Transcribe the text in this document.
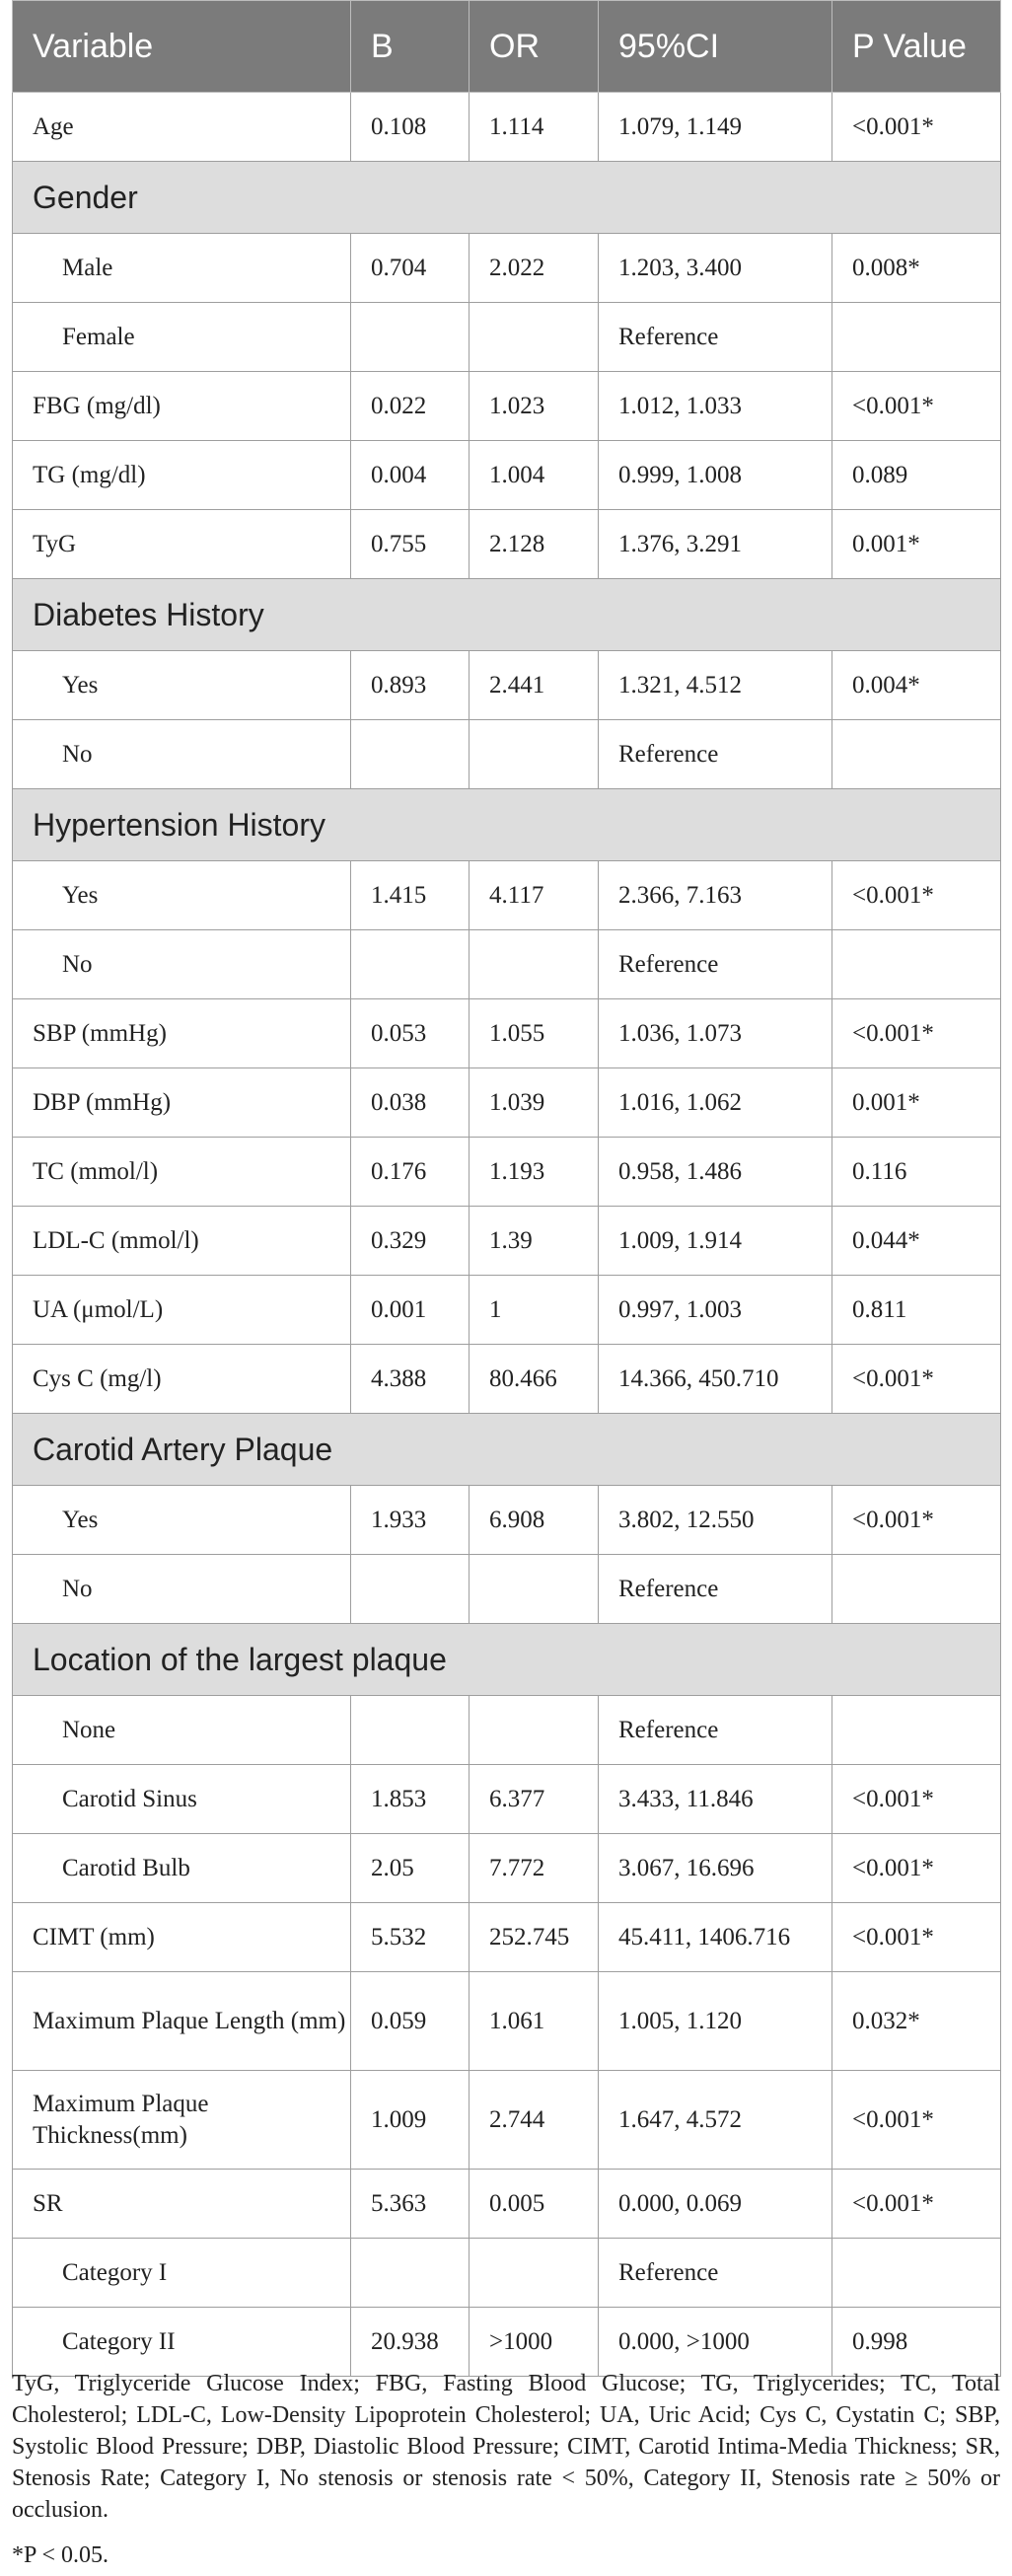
Variable	B	OR	95%CI	P Value
Age	0.108	1.114	1.079, 1.149	<0.001*
Gender				
Male	0.704	2.022	1.203, 3.400	0.008*
Female			Reference	
FBG (mg/dl)	0.022	1.023	1.012, 1.033	<0.001*
TG (mg/dl)	0.004	1.004	0.999, 1.008	0.089
TyG	0.755	2.128	1.376, 3.291	0.001*
Diabetes History				
Yes	0.893	2.441	1.321, 4.512	0.004*
No			Reference	
Hypertension History				
Yes	1.415	4.117	2.366, 7.163	<0.001*
No			Reference	
SBP (mmHg)	0.053	1.055	1.036, 1.073	<0.001*
DBP (mmHg)	0.038	1.039	1.016, 1.062	0.001*
TC (mmol/l)	0.176	1.193	0.958, 1.486	0.116
LDL-C (mmol/l)	0.329	1.39	1.009, 1.914	0.044*
UA (μmol/L)	0.001	1	0.997, 1.003	0.811
Cys C (mg/l)	4.388	80.466	14.366, 450.710	<0.001*
Carotid Artery Plaque				
Yes	1.933	6.908	3.802, 12.550	<0.001*
No			Reference	
Location of the largest plaque				
None			Reference	
Carotid Sinus	1.853	6.377	3.433, 11.846	<0.001*
Carotid Bulb	2.05	7.772	3.067, 16.696	<0.001*
CIMT (mm)	5.532	252.745	45.411, 1406.716	<0.001*
Maximum Plaque Length (mm)	0.059	1.061	1.005, 1.120	0.032*
Maximum Plaque Thickness(mm)	1.009	2.744	1.647, 4.572	<0.001*
SR	5.363	0.005	0.000, 0.069	<0.001*
Category I			Reference	
Category II	20.938	>1000	0.000, >1000	0.998

TyG, Triglyceride Glucose Index; FBG, Fasting Blood Glucose; TG, Triglycerides; TC, Total Cholesterol; LDL-C, Low-Density Lipoprotein Cholesterol; UA, Uric Acid; Cys C, Cystatin C; SBP, Systolic Blood Pressure; DBP, Diastolic Blood Pressure; CIMT, Carotid Intima-Media Thickness; SR, Stenosis Rate; Category I, No stenosis or stenosis rate < 50%, Category II, Stenosis rate ≥ 50% or occlusion.

*P < 0.05.
